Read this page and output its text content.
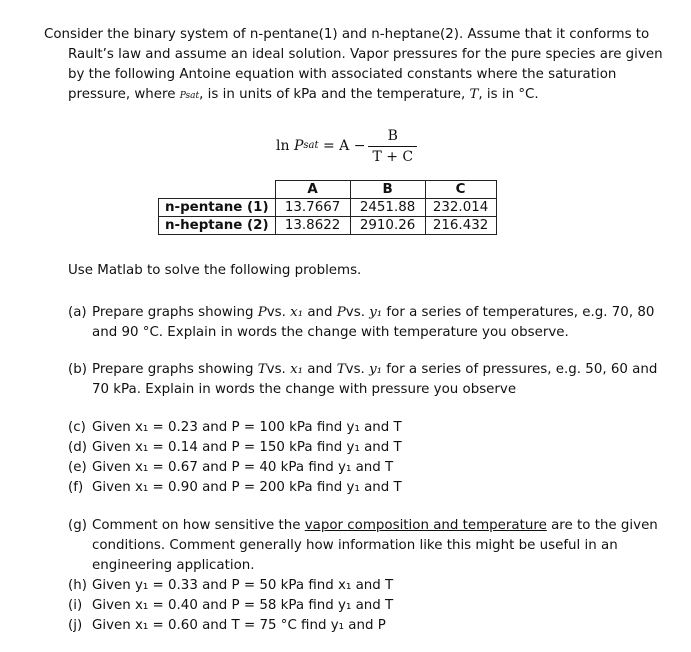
Consider the binary system of n-pentane(1) and n-heptane(2). Assume that it conforms to
Rault’s law and assume an ideal solution. Vapor pressures for the pure species are given
by the following Antoine equation with associated constants where the saturation
pressure, where Psat, is in units of kPa and the temperature, T, is in °C.
ln
P sat
= $A - \frac{B}{T + C}$
	A	B	C
n-pentane (1)	13.7667	2451.88	232.014
n-heptane (2)	13.8622	2910.26	216.432
Use Matlab to solve the following problems.
(a) Prepare graphs showing Pvs. x₁ and Pvs. y₁ for a series of temperatures, e.g. 70, 80
and 90 °C. Explain in words the change with temperature you observe.
(b) Prepare graphs showing Tvs. x₁ and Tvs. y₁ for a series of pressures, e.g. 50, 60 and
70 kPa. Explain in words the change with pressure you observe
(c) Given x₁ = 0.23 and P = 100 kPa find y₁ and T
(d) Given x₁ = 0.14 and P = 150 kPa find y₁ and T
(e) Given x₁ = 0.67 and P = 40 kPa find y₁ and T
(f) Given x₁ = 0.90 and P = 200 kPa find y₁ and T
(g) Comment on how sensitive the vapor composition and temperature are to the given
conditions. Comment generally how information like this might be useful in an
engineering application.
(h) Given y₁ = 0.33 and P = 50 kPa find x₁ and T
(i) Given x₁ = 0.40 and P = 58 kPa find y₁ and T
(j) Given x₁ = 0.60 and T = 75 °C find y₁ and P
